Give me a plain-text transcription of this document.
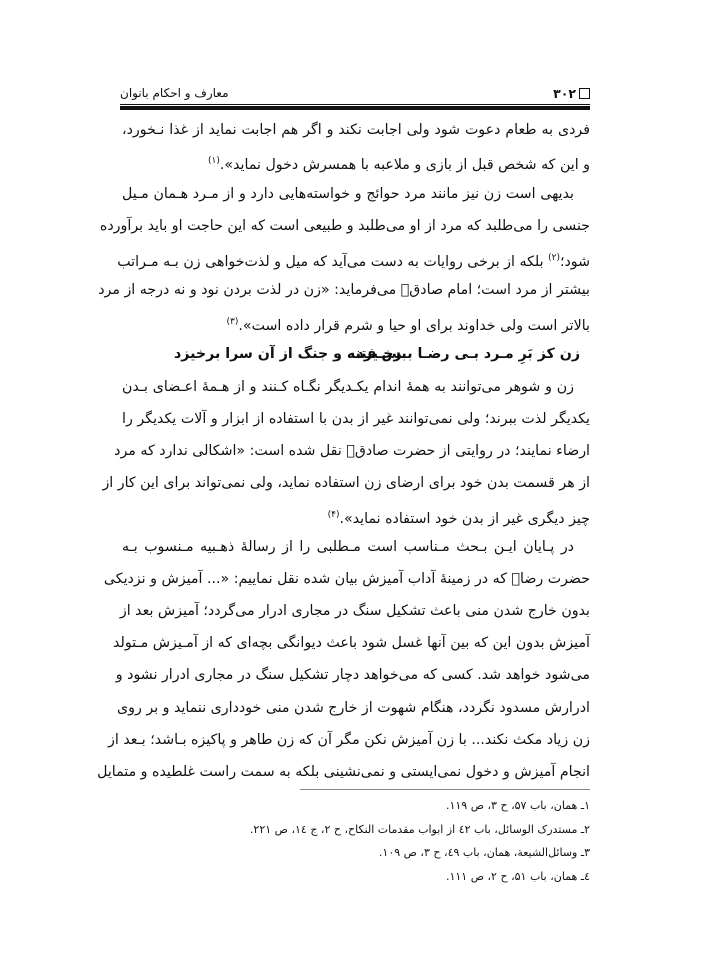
۳۰۲
معارف و احکام بانوان
فردی به طعام دعوت شود ولی اجابت نکند و اگر هم اجابت نماید از غذا نـخورد،
و این که شخص قبل از بازی و ملاعبه با همسرش دخول نماید».$^{(۱)}$
بدیهی است زن نیز مانند مرد حوائج و خواسته‌هایی دارد و از مـرد هـمان مـیل
جنسی را می‌طلبد که مرد از او می‌طلبد و طبیعی است که این حاجت او باید برآورده
شود؛$^{(۲)}$ بلکه از برخی روایات به دست می‌آید که میل و لذت‌خواهی زن بـه مـراتب
بیشتر از مرد است؛ امام صادقؑ می‌فرماید: «زن در لذت بردن نود و نه درجه از مرد
بالاتر است ولی خداوند برای او حیا و شرم قرار داده است».$^{(۳)}$
زن کز بَرِ مـرد بـی رضـا بـرخـیزد
بس فتنه و جنگ از آن سرا برخیزد
زن و شوهر می‌توانند به همهٔ اندام یکـدیگر نگـاه کـنند و از هـمهٔ اعـضای بـدن
یکدیگر لذت ببرند؛ ولی نمی‌توانند غیر از بدن با استفاده از ابزار و آلات یکدیگر را
ارضاء نمایند؛ در روایتی از حضرت صادقؑ نقل شده است: «اشکالی ندارد که مرد
از هر قسمت بدن خود برای ارضای زن استفاده نماید، ولی نمی‌تواند برای این کار از
چیز دیگری غیر از بدن خود استفاده نماید».$^{(۴)}$
در پـایان ایـن بـحث مـناسب است مـطلبی را از رسالهٔ ذهـبیه مـنسوب بـه
حضرت رضاؑ که در زمینهٔ آداب آمیزش بیان شده نقل نماییم: «... آمیزش و نزدیکی
بدون خارج شدن منی باعث تشکیل سنگ در مجاری ادرار می‌گردد؛ آمیزش بعد از
آمیزش بدون این که بین آنها غسل شود باعث دیوانگی بچه‌ای که از آمـیزش مـتولد
می‌شود خواهد شد. کسی که می‌خواهد دچار تشکیل سنگ در مجاری ادرار نشود و
ادرارش مسدود نگردد، هنگام شهوت از خارج شدن منی خودداری ننماید و بر روی
زن زیاد مکث نکند... با زن آمیزش نکن مگر آن که زن طاهر و پاکیزه بـاشد؛ بـعد از
انجام آمیزش و دخول نمی‌ایستی و نمی‌نشینی بلکه به سمت راست غلطیده و متمایل
۱ـ همان، باب ۵۷، ح ۳، ص ۱۱۹.
۲ـ مستدرک الوسائل، باب ٤٢ از ابواب مقدمات النکاح، ح ۲، ج ١٤، ص ۲۲۱.
۳ـ وسائل‌الشیعة، همان، باب ٤۹، ح ۳، ص ۱۰۹.
٤ـ همان، باب ۵۱، ح ۲، ص ۱۱۱.
